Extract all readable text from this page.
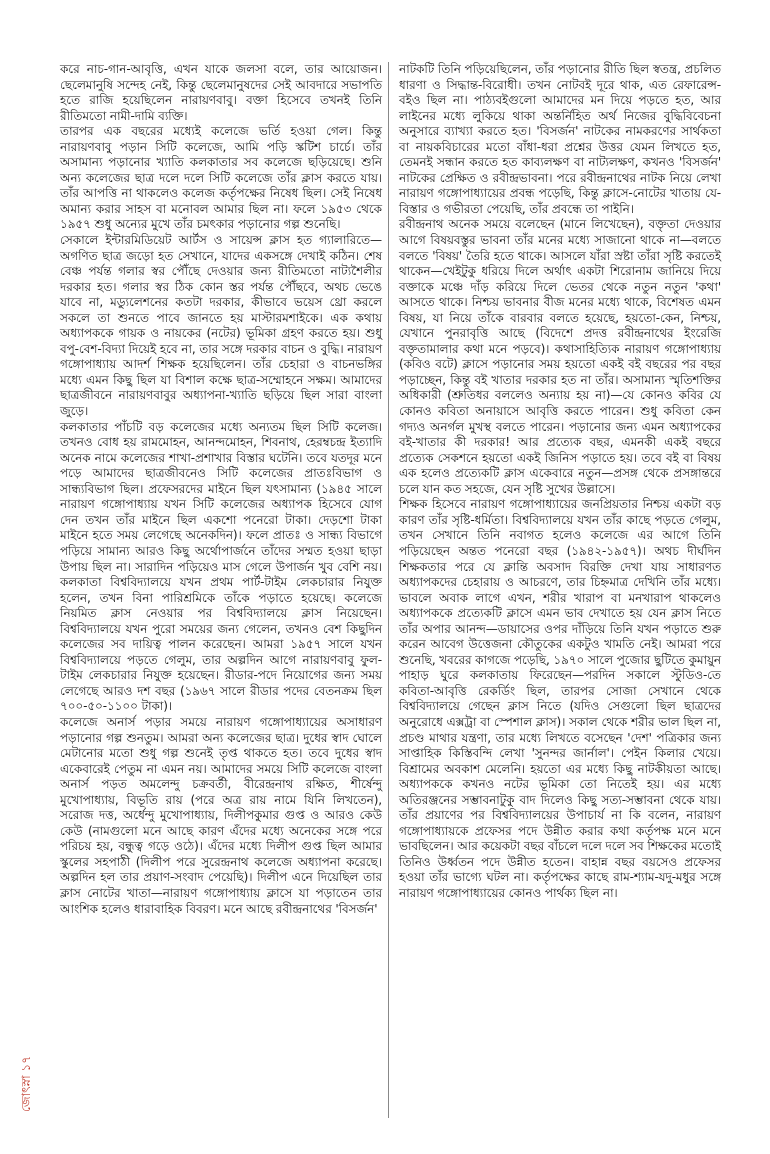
করে নাচ-গান-আবৃত্তি, এখন যাকে জলসা বলে, তার আয়োজন। ছেলেমানুষি সন্দেহ নেই, কিন্তু ছেলেমানুষদের সেই আবদারে সভাপতি হতে রাজি হয়েছিলেন নারায়ণবাবু। বক্তা হিসেবে তখনই তিনি রীতিমতো নামী-দামি ব্যক্তি।
তারপর এক বছরের মধ্যেই কলেজে ভর্তি হওয়া গেল। কিন্তু নারায়ণবাবু পড়ান সিটি কলেজে, আমি পড়ি স্কটিশ চার্চে। তাঁর অসামান্য পড়ানোর খ্যাতি কলকাতার সব কলেজে ছড়িয়েছে। শুনি অন্য কলেজের ছাত্র দলে দলে সিটি কলেজে তাঁর ক্লাস করতে যায়। তাঁর আপত্তি না থাকলেও কলেজ কর্তৃপক্ষের নিষেধ ছিল। সেই নিষেধ অমান্য করার সাহস বা মনোবল আমার ছিল না। ফলে ১৯৫৩ থেকে ১৯৫৭ শুধু অন্যের মুখে তাঁর চমৎকার পড়ানোর গল্প শুনেছি।
সেকালে ইন্টারমিডিয়েট আর্টস ও সায়েন্স ক্লাস হত গ্যালারিতে—অগণিত ছাত্র জড়ো হত সেখানে, যাদের একসঙ্গে দেখাই কঠিন। শেষ বেঞ্চ পর্যন্ত গলার স্বর পৌঁছে দেওয়ার জন্য রীতিমতো নাট্যশৈলীর দরকার হত। গলার স্বর ঠিক কোন স্তর পর্যন্ত পৌঁছবে, অথচ ভেঙে যাবে না, মড্যুলেশনের কতটা দরকার, কীভাবে ভয়েস থ্রো করলে সকলে তা শুনতে পাবে জানতে হয় মাস্টারমশাইকে। এক কথায় অধ্যাপককে গায়ক ও নায়কের (নটের) ভূমিকা গ্রহণ করতে হয়। শুধু বপু-বেশ-বিদ্যা দিয়েই হবে না, তার সঙ্গে দরকার বাচন ও বুদ্ধি। নারায়ণ গঙ্গোপাধ্যায় আদর্শ শিক্ষক হয়েছিলেন। তাঁর চেহারা ও বাচনভঙ্গির মধ্যে এমন কিছু ছিল যা বিশাল কক্ষে ছাত্র-সম্মোহনে সক্ষম। আমাদের ছাত্রজীবনে নারায়ণবাবুর অধ্যাপনা-খ্যাতি ছড়িয়ে ছিল সারা বাংলা জুড়ে।
কলকাতার পাঁচটি বড় কলেজের মধ্যে অন্যতম ছিল সিটি কলেজ। তখনও বোধ হয় রামমোহন, আনন্দমোহন, শিবনাথ, হেরম্বচন্দ্র ইত্যাদি অনেক নামে কলেজের শাখা-প্রশাখার বিস্তার ঘটেনি। তবে যতদূর মনে পড়ে আমাদের ছাত্রজীবনেও সিটি কলেজের প্রাতঃবিভাগ ও সান্ধ্যবিভাগ ছিল। প্রফেসরদের মাইনে ছিল যৎসামান্য (১৯৪৫ সালে নারায়ণ গঙ্গোপাধ্যায় যখন সিটি কলেজের অধ্যাপক হিসেবে যোগ দেন তখন তাঁর মাইনে ছিল একশো পনেরো টাকা। দেড়শো টাকা মাইনে হতে সময় লেগেছে অনেকদিন)। ফলে প্রাতঃ ও সান্ধ্য বিভাগে পড়িয়ে সামান্য আরও কিছু অর্থোপার্জনে তাঁদের সম্মত হওয়া ছাড়া উপায় ছিল না। সারাদিন পড়িয়েও মাস গেলে উপার্জন খুব বেশি নয়। কলকাতা বিশ্ববিদ্যালয়ে যখন প্রথম পার্ট-টাইম লেকচারার নিযুক্ত হলেন, তখন বিনা পারিশ্রমিকে তাঁকে পড়াতে হয়েছে। কলেজে নিয়মিত ক্লাস নেওয়ার পর বিশ্ববিদ্যালয়ে ক্লাস নিয়েছেন। বিশ্ববিদ্যালয়ে যখন পুরো সময়ের জন্য গেলেন, তখনও বেশ কিছুদিন কলেজের সব দায়িত্ব পালন করেছেন। আমরা ১৯৫৭ সালে যখন বিশ্ববিদ্যালয়ে পড়তে গেলুম, তার অল্পদিন আগে নারায়ণবাবু ফুল-টাইম লেকচারার নিযুক্ত হয়েছেন। রীডার-পদে নিয়োগের জন্য সময় লেগেছে আরও দশ বছর (১৯৬৭ সালে রীডার পদের বেতনক্রম ছিল ৭০০-৫০-১১০০ টাকা)।
কলেজে অনার্স পড়ার সময়ে নারায়ণ গঙ্গোপাধ্যায়ের অসাধারণ পড়ানোর গল্প শুনতুম। আমরা অন্য কলেজের ছাত্র। দুধের স্বাদ ঘোলে মেটানোর মতো শুধু গল্প শুনেই তৃপ্ত থাকতে হত। তবে দুধের স্বাদ একেবারেই পেতুম না এমন নয়। আমাদের সময়ে সিটি কলেজে বাংলা অনার্স পড়ত অমলেন্দু চক্রবর্তী, বীরেন্দ্রনাথ রক্ষিত, শীর্ষেন্দু মুখোপাধ্যায়, বিভূতি রায় (পরে অত্র রায় নামে যিনি লিখতেন), সরোজ দত্ত, অর্ধেন্দু মুখোপাধ্যায়, দিলীপকুমার গুপ্ত ও আরও কেউ কেউ (নামগুলো মনে আছে কারণ এঁদের মধ্যে অনেকের সঙ্গে পরে পরিচয় হয়, বন্ধুত্ব গড়ে ওঠে)। এঁদের মধ্যে দিলীপ গুপ্ত ছিল আমার স্কুলের সহপাঠী (দিলীপ পরে সুরেন্দ্রনাথ কলেজে অধ্যাপনা করেছে। অল্পদিন হল তার প্রয়াণ-সংবাদ পেয়েছি)। দিলীপ এনে দিয়েছিল তার ক্লাস নোটের খাতা—নারায়ণ গঙ্গোপাধ্যায় ক্লাসে যা পড়াতেন তার আংশিক হলেও ধারাবাহিক বিবরণ। মনে আছে রবীন্দ্রনাথের 'বিসর্জন'
নাটকটি তিনি পড়িয়েছিলেন, তাঁর পড়ানোর রীতি ছিল স্বতন্ত্র, প্রচলিত ধারণা ও সিদ্ধান্ত-বিরোধী। তখন নোটবই দূরে থাক, এত রেফারেন্স-বইও ছিল না। পাঠ্যবইগুলো আমাদের মন দিয়ে পড়তে হত, আর লাইনের মধ্যে লুকিয়ে থাকা অন্তর্নিহিত অর্থ নিজের বুদ্ধিবিবেচনা অনুসারে ব্যাখ্যা করতে হত। 'বিসর্জন' নাটকের নামকরণের সার্থকতা বা নায়কবিচারের মতো বাঁধা-ধরা প্রশ্নের উত্তর যেমন লিখতে হত, তেমনই সন্ধান করতে হত কাব্যলক্ষণ বা নাট্যলক্ষণ, কখনও 'বিসর্জন' নাটকের প্রেক্ষিত ও রবীন্দ্রভাবনা। পরে রবীন্দ্রনাথের নাটক নিয়ে লেখা নারায়ণ গঙ্গোপাধ্যায়ের প্রবন্ধ পড়েছি, কিন্তু ক্লাসে-নোটের খাতায় যে-বিস্তার ও গভীরতা পেয়েছি, তাঁর প্রবন্ধে তা পাইনি।
রবীন্দ্রনাথ অনেক সময়ে বলেছেন (মানে লিখেছেন), বক্তৃতা দেওয়ার আগে বিষয়বস্তুর ভাবনা তাঁর মনের মধ্যে সাজানো থাকে না—বলতে বলতে 'বিষয়' তৈরি হতে থাকে। আসলে যাঁরা স্রষ্টা তাঁরা সৃষ্টি করতেই থাকেন—খেইটুকু ধরিয়ে দিলে অর্থাৎ একটা শিরোনাম জানিয়ে দিয়ে বক্তাকে মঞ্চে দাঁড় করিয়ে দিলে ভেতর থেকে নতুন নতুন 'কথা' আসতে থাকে। নিশ্চয় ভাবনার বীজ মনের মধ্যে থাকে, বিশেষত এমন বিষয়, যা নিয়ে তাঁকে বারবার বলতে হয়েছে, হয়তো-কেন, নিশ্চয়, যেখানে পুনরাবৃত্তি আছে (বিদেশে প্রদত্ত রবীন্দ্রনাথের ইংরেজি বক্তৃতামালার কথা মনে পড়বে)। কথাসাহিত্যিক নারায়ণ গঙ্গোপাধ্যায় (কবিও বটে) ক্লাসে পড়ানোর সময় হয়তো একই বই বছরের পর বছর পড়াচ্ছেন, কিন্তু বই খাতার দরকার হত না তাঁর। অসামান্য স্মৃতিশক্তির অধিকারী (শ্রুতিধর বললেও অন্যায় হয় না)—যে কোনও কবির যে কোনও কবিতা অনায়াসে আবৃত্তি করতে পারেন। শুধু কবিতা কেন গদ্যও অনর্গল মুখস্থ বলতে পারেন। পড়ানোর জন্য এমন অধ্যাপকের বই-খাতার কী দরকার! আর প্রত্যেক বছর, এমনকী একই বছরে প্রত্যেক সেকশনে হয়তো একই জিনিস পড়াতে হয়। তবে বই বা বিষয় এক হলেও প্রত্যেকটি ক্লাস একেবারে নতুন—প্রসঙ্গ থেকে প্রসঙ্গান্তরে চলে যান কত সহজে, যেন সৃষ্টি সুখের উল্লাসে।
শিক্ষক হিসেবে নারায়ণ গঙ্গোপাধ্যায়ের জনপ্রিয়তার নিশ্চয় একটা বড় কারণ তাঁর সৃষ্টি-ধর্মিতা। বিশ্ববিদ্যালয়ে যখন তাঁর কাছে পড়তে গেলুম, তখন সেখানে তিনি নবাগত হলেও কলেজে এর আগে তিনি পড়িয়েছেন অন্তত পনেরো বছর (১৯৪২-১৯৫৭)। অথচ দীর্ঘদিন শিক্ষকতার পরে যে ক্লান্তি অবসাদ বিরক্তি দেখা যায় সাধারণত অধ্যাপকদের চেহারায় ও আচরণে, তার চিহ্নমাত্র দেখিনি তাঁর মধ্যে। ভাবলে অবাক লাগে এখন, শরীর খারাপ বা মনখারাপ থাকলেও অধ্যাপককে প্রত্যেকটি ক্লাসে এমন ভাব দেখাতে হয় যেন ক্লাস নিতে তাঁর অপার আনন্দ—ডায়াসের ওপর দাঁড়িয়ে তিনি যখন পড়াতে শুরু করেন আবেগ উত্তেজনা কৌতুকের একটুও খামতি নেই। আমরা পরে শুনেছি, খবরের কাগজে পড়েছি, ১৯৭০ সালে পুজোর ছুটিতে কুমায়ুন পাহাড় ঘুরে কলকাতায় ফিরেছেন—পরদিন সকালে স্টুডিও-তে কবিতা-আবৃত্তি রেকর্ডিং ছিল, তারপর সোজা সেখানে থেকে বিশ্ববিদ্যালয়ে গেছেন ক্লাস নিতে (যদিও সেগুলো ছিল ছাত্রদের অনুরোধে এক্সট্রা বা স্পেশাল ক্লাস)। সকাল থেকে শরীর ভাল ছিল না, প্রচণ্ড মাথার যন্ত্রণা, তার মধ্যে লিখতে বসেছেন 'দেশ' পত্রিকার জন্য সাপ্তাহিক কিস্তিবন্দি লেখা 'সুনন্দর জার্নাল'। পেইন কিলার খেয়ে। বিশ্রামের অবকাশ মেলেনি। হয়তো এর মধ্যে কিছু নাটকীয়তা আছে। অধ্যাপককে কখনও নটের ভূমিকা তো নিতেই হয়। এর মধ্যে অতিরঞ্জনের সম্ভাবনাটুকু বাদ দিলেও কিছু সত্য-সম্ভাবনা থেকে যায়। তাঁর প্রয়াণের পর বিশ্ববিদ্যালয়ের উপাচার্য না কি বলেন, নারায়ণ গঙ্গোপাধ্যায়কে প্রফেসর পদে উন্নীত করার কথা কর্তৃপক্ষ মনে মনে ভাবছিলেন। আর কয়েকটা বছর বাঁচলে দলে দলে সব শিক্ষকের মতোই তিনিও উর্ধ্বতন পদে উন্নীত হতেন। বাহান্ন বছর বয়সেও প্রফেসর হওয়া তাঁর ভাগ্যে ঘটল না। কর্তৃপক্ষের কাছে রাম-শ্যাম-যদু-মধুর সঙ্গে নারায়ণ গঙ্গোপাধ্যায়ের কোনও পার্থক্য ছিল না।
জোৎস্না ১৭
